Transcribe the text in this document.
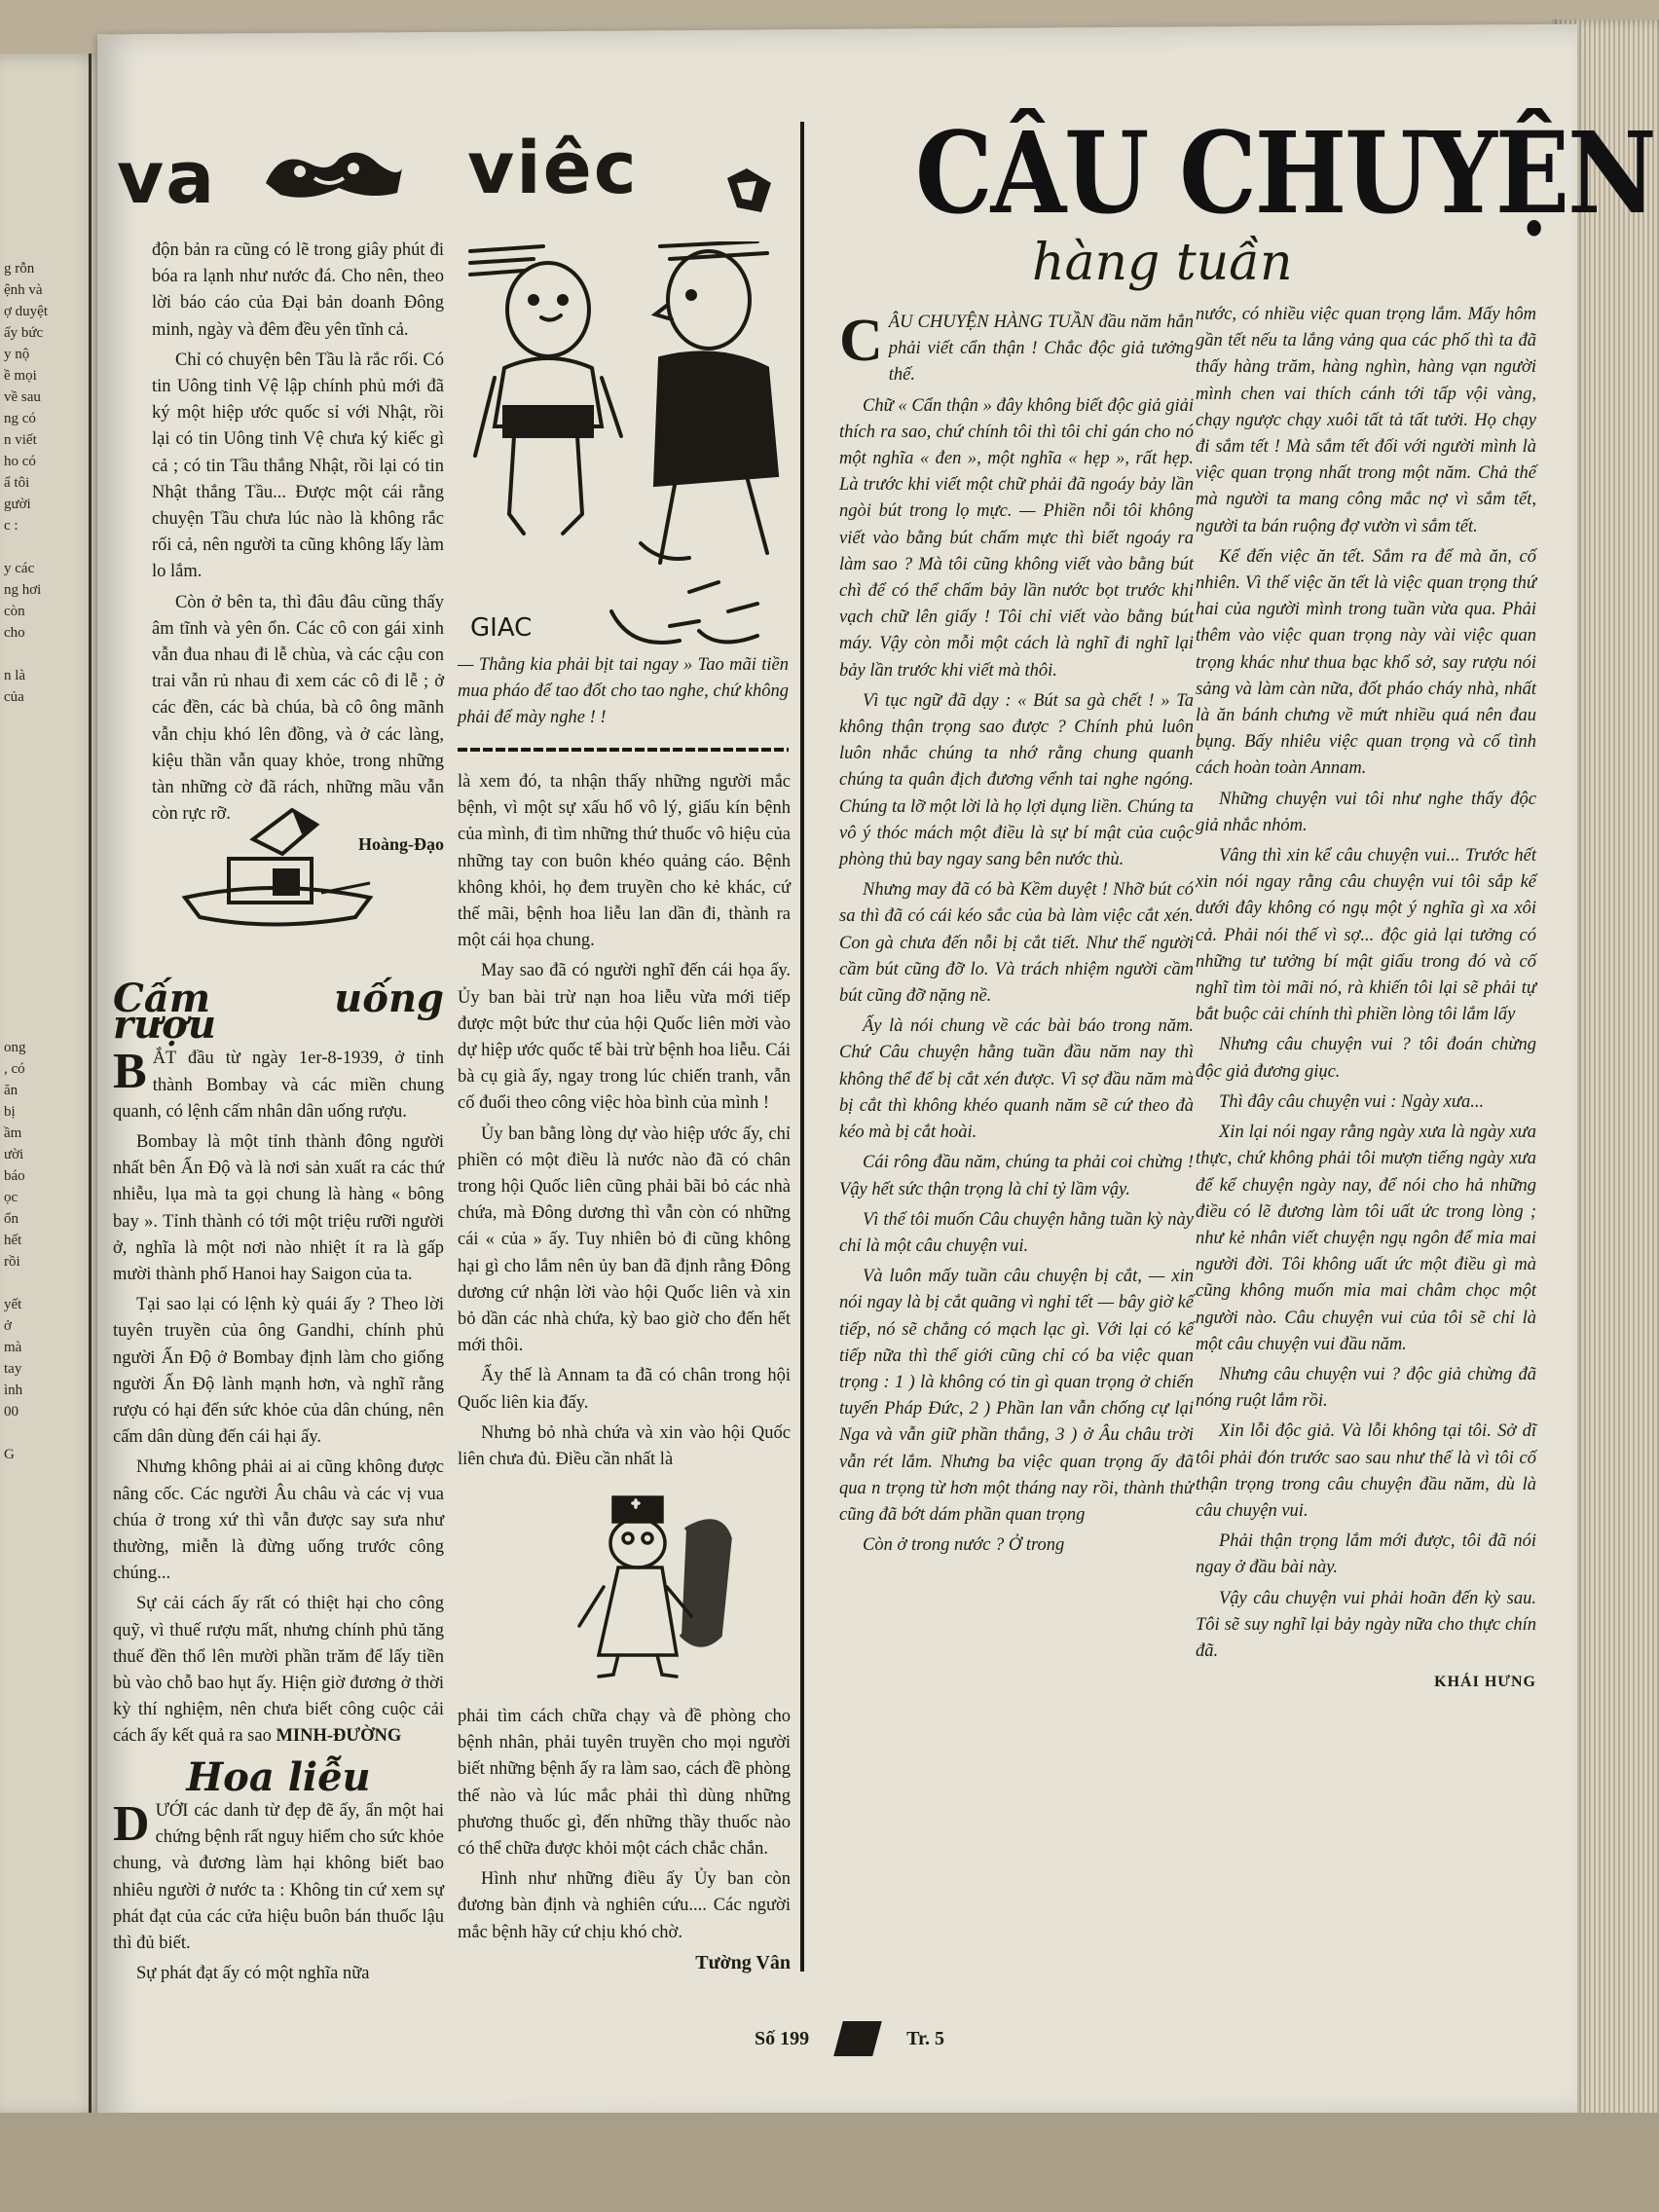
g rỗn
ệnh và
ợ duyệt
ấy bức
y nộ
ề mọi
về sau
ng có
n viết
ho có
ẩ tôi
gười
c :

y các
ng hơi
còn
cho

n là
của
ong
, có
ăn
bị
ầm
ười
báo
ọc
ổn
hết
rồi

yết
ở
mà
tay
ình
00

G
va	viêc	CÂU CHUYỆN
hàng tuần

độn bản ra cũng có lẽ trong giây phút đi bóa ra lạnh như nước đá. Cho nên, theo lời báo cáo của Đại bản doanh Đông minh, ngày và đêm đều yên tĩnh cả.

Chỉ có chuyện bên Tầu là rắc rối. Có tin Uông tinh Vệ lập chính phủ mới đã ký một hiệp ước quốc sỉ với Nhật, rồi lại có tin Uông tinh Vệ chưa ký kiếc gì cả ; có tin Tầu thắng Nhật, rồi lại có tin Nhật thắng Tầu... Được một cái rằng chuyện Tầu chưa lúc nào là không rắc rối cả, nên người ta cũng không lấy làm lo lắm.

Còn ở bên ta, thì đâu đâu cũng thấy âm tĩnh và yên ổn. Các cô con gái xinh vẫn đua nhau đi lễ chùa, và các cậu con trai vẫn rủ nhau đi xem các cô đi lễ ; ở các đền, các bà chúa, bà cô ông mãnh vẫn chịu khó lên đồng, và ở các làng, kiệu thần vẫn quay khỏe, trong những tàn những cờ đã rách, những mầu vẫn còn rực rỡ.

Hoàng-Đạo
Cấm uống rượu

BẮT đầu từ ngày 1er-8-1939, ở tỉnh thành Bombay và các miền chung quanh, có lệnh cấm nhân dân uống rượu.

Bombay là một tỉnh thành đông người nhất bên Ấn Độ và là nơi sản xuất ra các thứ nhiễu, lụa mà ta gọi chung là hàng « bông bay ». Tỉnh thành có tới một triệu rưỡi người ở, nghĩa là một nơi nào nhiệt ít ra là gấp mười thành phố Hanoi hay Saigon của ta.

Tại sao lại có lệnh kỳ quái ấy ? Theo lời tuyên truyền của ông Gandhi, chính phủ người Ấn Độ ở Bombay định làm cho giống người Ấn Độ lành mạnh hơn, và nghĩ rằng rượu có hại đến sức khỏe của dân chúng, nên cấm dân dùng đến cái hại ấy.

Nhưng không phải ai ai cũng không được nâng cốc. Các người Âu châu và các vị vua chúa ở trong xứ thì vẫn được say sưa như thường, miễn là đừng uống trước công chúng...

Sự cải cách ấy rất có thiệt hại cho công quỹ, vì thuế rượu mất, nhưng chính phủ tăng thuế đền thổ lên mười phần trăm để lấy tiền bù vào chỗ bao hụt ấy. Hiện giờ đương ở thời kỳ thí nghiệm, nên chưa biết công cuộc cải cách ấy kết quả ra sao MINH-ĐƯỜNG

Hoa liễu

DƯỚI các danh từ đẹp đẽ ấy, ẩn một hai chứng bệnh rất nguy hiểm cho sức khỏe chung, và đương làm hại không biết bao nhiêu người ở nước ta : Không tin cứ xem sự phát đạt của các cửa hiệu buôn bán thuốc lậu thì đủ biết.

Sự phát đạt ấy có một nghĩa nữa

GIAC
— Thằng kia phải bịt tai ngay » Tao mãi tiền mua pháo để tao đốt cho tao nghe, chứ không phải để mày nghe ! !

là xem đó, ta nhận thấy những người mắc bệnh, vì một sự xấu hổ vô lý, giấu kín bệnh của mình, đi tìm những thứ thuốc vô hiệu của những tay con buôn khéo quảng cáo. Bệnh không khỏi, họ đem truyền cho kẻ khác, cứ thế mãi, bệnh hoa liễu lan dần đi, thành ra một cái họa chung.

May sao đã có người nghĩ đến cái họa ấy. Ủy ban bài trừ nạn hoa liễu vừa mới tiếp được một bức thư của hội Quốc liên mời vào dự hiệp ước quốc tế bài trừ bệnh hoa liễu. Cái bà cụ già ấy, ngay trong lúc chiến tranh, vẫn cố đuổi theo công việc hòa bình của mình !

Ủy ban bằng lòng dự vào hiệp ước ấy, chỉ phiền có một điều là nước nào đã có chân trong hội Quốc liên cũng phải bãi bỏ các nhà chứa, mà Đông dương thì vẫn còn có những cái « của » ấy. Tuy nhiên bỏ đi cũng không hại gì cho lắm nên ủy ban đã định rằng Đông dương cứ nhận lời vào hội Quốc liên và xin bỏ dần các nhà chứa, kỳ bao giờ cho đến hết mới thôi.

Ấy thế là Annam ta đã có chân trong hội Quốc liên kia đấy.

Nhưng bỏ nhà chứa và xin vào hội Quốc liên chưa đủ. Điều cần nhất là

phải tìm cách chữa chạy và đề phòng cho bệnh nhân, phải tuyên truyền cho mọi người biết những bệnh ấy ra làm sao, cách đề phòng thế nào và lúc mắc phải thì dùng những phương thuốc gì, đến những thầy thuốc nào có thể chữa được khỏi một cách chắc chắn.

Hình như những điều ấy Ủy ban còn đương bàn định và nghiên cứu.... Các người mắc bệnh hãy cứ chịu khó chờ.

Tường Vân

CÂU CHUYỆN HÀNG TUẦN đầu năm hẳn phải viết cẩn thận ! Chắc độc giả tưởng thế.

Chữ « Cẩn thận » đây không biết độc giả giải thích ra sao, chứ chính tôi thì tôi chỉ gán cho nó một nghĩa « đen », một nghĩa « hẹp », rất hẹp. Là trước khi viết một chữ phải đã ngoáy bảy lần ngòi bút trong lọ mực. — Phiền nỗi tôi không viết vào bằng bút chấm mực thì biết ngoáy ra làm sao ? Mà tôi cũng không viết vào bằng bút chì để có thể chấm bảy lần nước bọt trước khi vạch chữ lên giấy ! Tôi chỉ viết vào bằng bút máy. Vậy còn mỗi một cách là nghĩ đi nghĩ lại bảy lần trước khi viết mà thôi.

Vì tục ngữ đã dạy : « Bút sa gà chết ! » Ta không thận trọng sao được ? Chính phủ luôn luôn nhắc chúng ta nhớ rằng chung quanh chúng ta quân địch đương vểnh tai nghe ngóng. Chúng ta lỡ một lời là họ lợi dụng liền. Chúng ta vô ý thóc mách một điều là sự bí mật của cuộc phòng thủ bay ngay sang bên nước thù.

Nhưng may đã có bà Kềm duyệt ! Nhỡ bút có sa thì đã có cái kéo sắc của bà làm việc cắt xén. Con gà chưa đến nỗi bị cắt tiết. Như thế người cầm bút cũng đỡ lo. Và trách nhiệm người cầm bút cũng đỡ nặng nề.

Ấy là nói chung về các bài báo trong năm. Chứ Câu chuyện hằng tuần đầu năm nay thì không thể để bị cắt xén được. Vì sợ đầu năm mà bị cắt thì không khéo quanh năm sẽ cứ theo đà kéo mà bị cắt hoài.

Cái rông đầu năm, chúng ta phải coi chừng ! Vậy hết sức thận trọng là chỉ tỷ lầm vậy.

Vì thế tôi muốn Câu chuyện hằng tuần kỳ này chỉ là một câu chuyện vui.

Và luôn mấy tuần câu chuyện bị cắt, — xin nói ngay là bị cắt quãng vì nghỉ tết — bây giờ kế tiếp, nó sẽ chẳng có mạch lạc gì. Với lại có kế tiếp nữa thì thế giới cũng chỉ có ba việc quan trọng : 1 ) là không có tin gì quan trọng ở chiến tuyến Pháp Đức, 2 ) Phần lan vẫn chống cự lại Nga và vẫn giữ phần thắng, 3 ) ở Âu châu trời vẫn rét lắm. Nhưng ba việc quan trọng ấy đã qua n trọng từ hơn một tháng nay rồi, thành thử cũng đã bớt dám phần quan trọng

Còn ở trong nước ? Ở trong

nước, có nhiều việc quan trọng lắm. Mấy hôm gần tết nếu ta lắng vảng qua các phố thì ta đã thấy hàng trăm, hàng nghìn, hàng vạn người mình chen vai thích cánh tới tấp vội vàng, chạy ngược chạy xuôi tất tả tất tưởi. Họ chạy đi sắm tết ! Mà sắm tết đối với người mình là việc quan trọng nhất trong một năm. Chả thế mà người ta mang công mắc nợ vì sắm tết, người ta bán ruộng đợ vườn vì sắm tết.

Kể đến việc ăn tết. Sắm ra để mà ăn, cố nhiên. Vì thế việc ăn tết là việc quan trọng thứ hai của người mình trong tuần vừa qua. Phải thêm vào việc quan trọng này vài việc quan trọng khác như thua bạc khổ sở, say rượu nói sảng và làm càn nữa, đốt pháo cháy nhà, nhất là ăn bánh chưng về mứt nhiều quá nên đau bụng. Bấy nhiêu việc quan trọng và cố tình cách hoàn toàn Annam.

Những chuyện vui tôi như nghe thấy độc giả nhắc nhỏm.

Vâng thì xin kể câu chuyện vui... Trước hết xin nói ngay rằng câu chuyện vui tôi sắp kể dưới đây không có ngụ một ý nghĩa gì xa xôi cả. Phải nói thế vì sợ... độc giả lại tưởng có những tư tưởng bí mật giấu trong đó và cố nghĩ tìm tòi mãi nó, rà khiến tôi lại sẽ phải tự bắt buộc cải chính thì phiền lòng tôi lắm lấy

Nhưng câu chuyện vui ? tôi đoán chừng độc giả đương giục.

Thì đây câu chuyện vui : Ngày xưa...

Xin lại nói ngay rằng ngày xưa là ngày xưa thực, chứ không phải tôi mượn tiếng ngày xưa để kể chuyện ngày nay, để nói cho hả những điều có lẽ đương làm tôi uất ức trong lòng ; như kẻ nhân viết chuyện ngụ ngôn để mỉa mai người đời. Tôi không uất ức một điều gì mà cũng không muốn mỉa mai châm chọc một người nào. Câu chuyện vui của tôi sẽ chỉ là một câu chuyện vui đầu năm.

Nhưng câu chuyện vui ? độc giả chừng đã nóng ruột lắm rồi.

Xin lỗi độc giả. Và lỗi không tại tôi. Sở dĩ tôi phải đón trước sao sau như thế là vì tôi cố thận trọng trong câu chuyện đầu năm, dù là câu chuyện vui.

Phải thận trọng lắm mới được, tôi đã nói ngay ở đầu bài này.

Vậy câu chuyện vui phải hoãn đến kỳ sau. Tôi sẽ suy nghĩ lại bảy ngày nữa cho thực chín đã.

KHÁI HƯNG
Số 199	Tr. 5
